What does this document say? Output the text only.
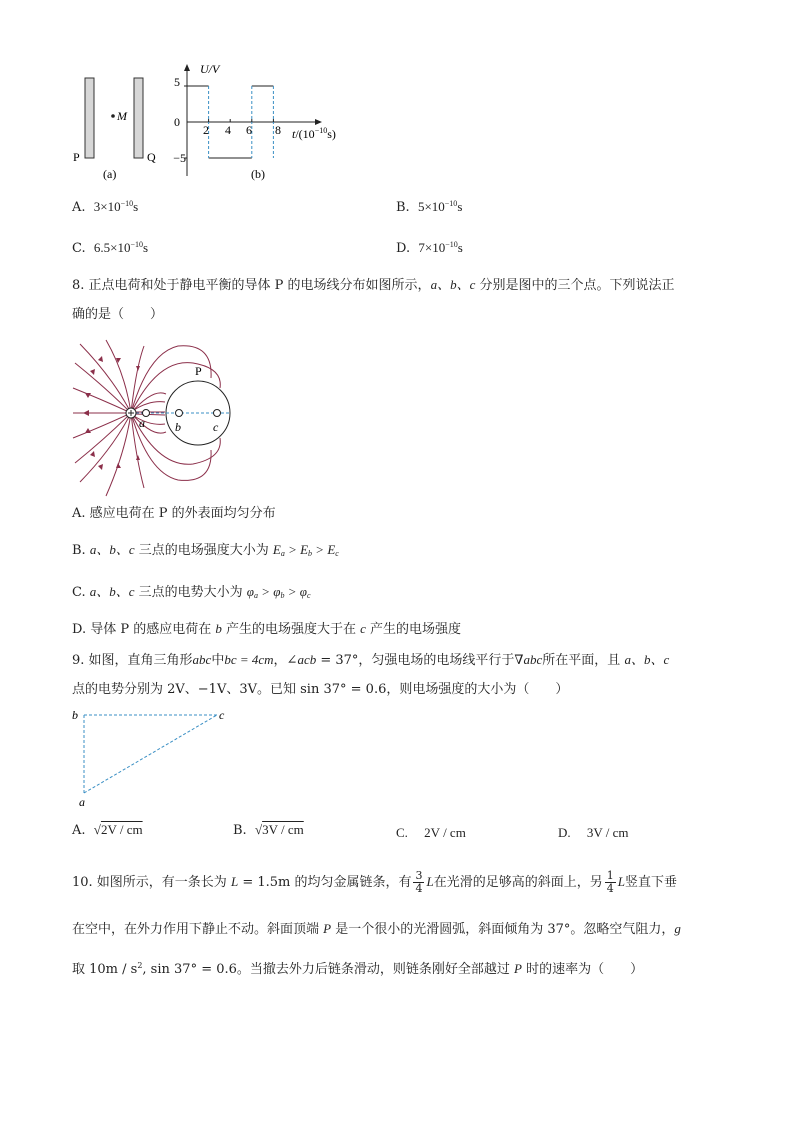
M
P	Q
(a)
U/V
5
0
−5
2 4 6 8 $t/(10^{-10}s)$
(b)
A. $3\times 10^{-10}s$	B. $5\times 10^{-10}s$
C. $6.5\times 10^{-10}s$	D. $7\times 10^{-10}s$
8. 正点电荷和处于静电平衡的导体 P 的电场线分布如图所示，a、b、c 分别是图中的三个点。下列说法正
确的是（　　）
P
a	b	c
A. 感应电荷在 P 的外表面均匀分布
B. a、b、c 三点的电场强度大小为 $E_a > E_b > E_c$
C. a、b、c 三点的电势大小为 $\varphi_a > \varphi_b > \varphi_c$
D. 导体 P 的感应电荷在 b 产生的电场强度大于在 c 产生的电场强度
9. 如图，直角三角形abc中bc = 4cm，∠acb = 37°，匀强电场的电场线平行于∇abc所在平面，且 a、b、c
点的电势分别为 2V、−1V、3V。已知 sin 37° = 0.6，则电场强度的大小为（　　）
b	c
a
A. √2V / cm	B. √3V / cm	C.　 2V / cm	D.　 3V / cm
10. 如图所示，有一条长为 L = 1.5m 的均匀金属链条，有 $\frac{3}{4}$ L在光滑的足够高的斜面上，另 $\frac{1}{4}$ L竖直下垂
在空中，在外力作用下静止不动。斜面顶端 P 是一个很小的光滑圆弧，斜面倾角为 37°。忽略空气阻力，g
取 $10m / s^2$, sin 37° = 0.6。当撤去外力后链条滑动，则链条刚好全部越过 P 时的速率为（　　）
